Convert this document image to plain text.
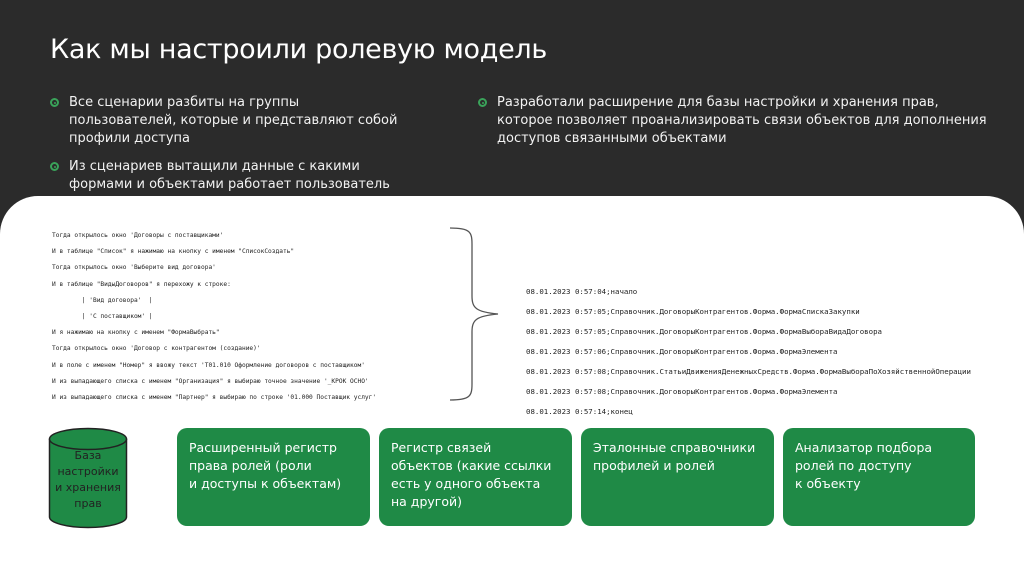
Как мы настроили ролевую модель
Все сценарии разбиты на группы пользователей, которые и представляют собой профили доступа
Из сценариев вытащили данные с какими формами и объектами работает пользователь
Разработали расширение для базы настройки и хранения прав, которое позволяет проанализировать связи объектов для дополнения доступов связанными объектами

Тогда открылось окно 'Договоры с поставщиками'

И в таблице "Список" я нажимаю на кнопку с именем "СписокСоздать"

Тогда открылось окно 'Выберите вид договора'

И в таблице "ВидыДоговоров" я перехожу к строке:

| 'Вид договора'  |

| 'С поставщиком' |

И я нажимаю на кнопку с именем "ФормаВыбрать"

Тогда открылось окно 'Договор с контрагентом (создание)'

И в поле с именем "Номер" я ввожу текст 'Т01.010 Оформление договоров с поставщиком'

И из выпадающего списка с именем "Организация" я выбираю точное значение '_КРОК ОСНО'

И из выпадающего списка с именем "Партнер" я выбираю по строке '01.000 Поставщик услуг'

08.01.2023 0:57:04;начало

08.01.2023 0:57:05;Справочник.ДоговорыКонтрагентов.Форма.ФормаСпискаЗакупки

08.01.2023 0:57:05;Справочник.ДоговорыКонтрагентов.Форма.ФормаВыбораВидаДоговора

08.01.2023 0:57:06;Справочник.ДоговорыКонтрагентов.Форма.ФормаЭлемента

08.01.2023 0:57:08;Справочник.СтатьиДвиженияДенежныхСредств.Форма.ФормаВыбораПоХозяйственнойОперации

08.01.2023 0:57:08;Справочник.ДоговорыКонтрагентов.Форма.ФормаЭлемента

08.01.2023 0:57:14;конец

База
настройки
и хранения
прав
Расширенный регистр
права ролей (роли
и доступы к объектам)
Регистр связей
объектов (какие ссылки
есть у одного объекта
на другой)
Эталонные справочники
профилей и ролей
Анализатор подбора
ролей по доступу
к объекту
